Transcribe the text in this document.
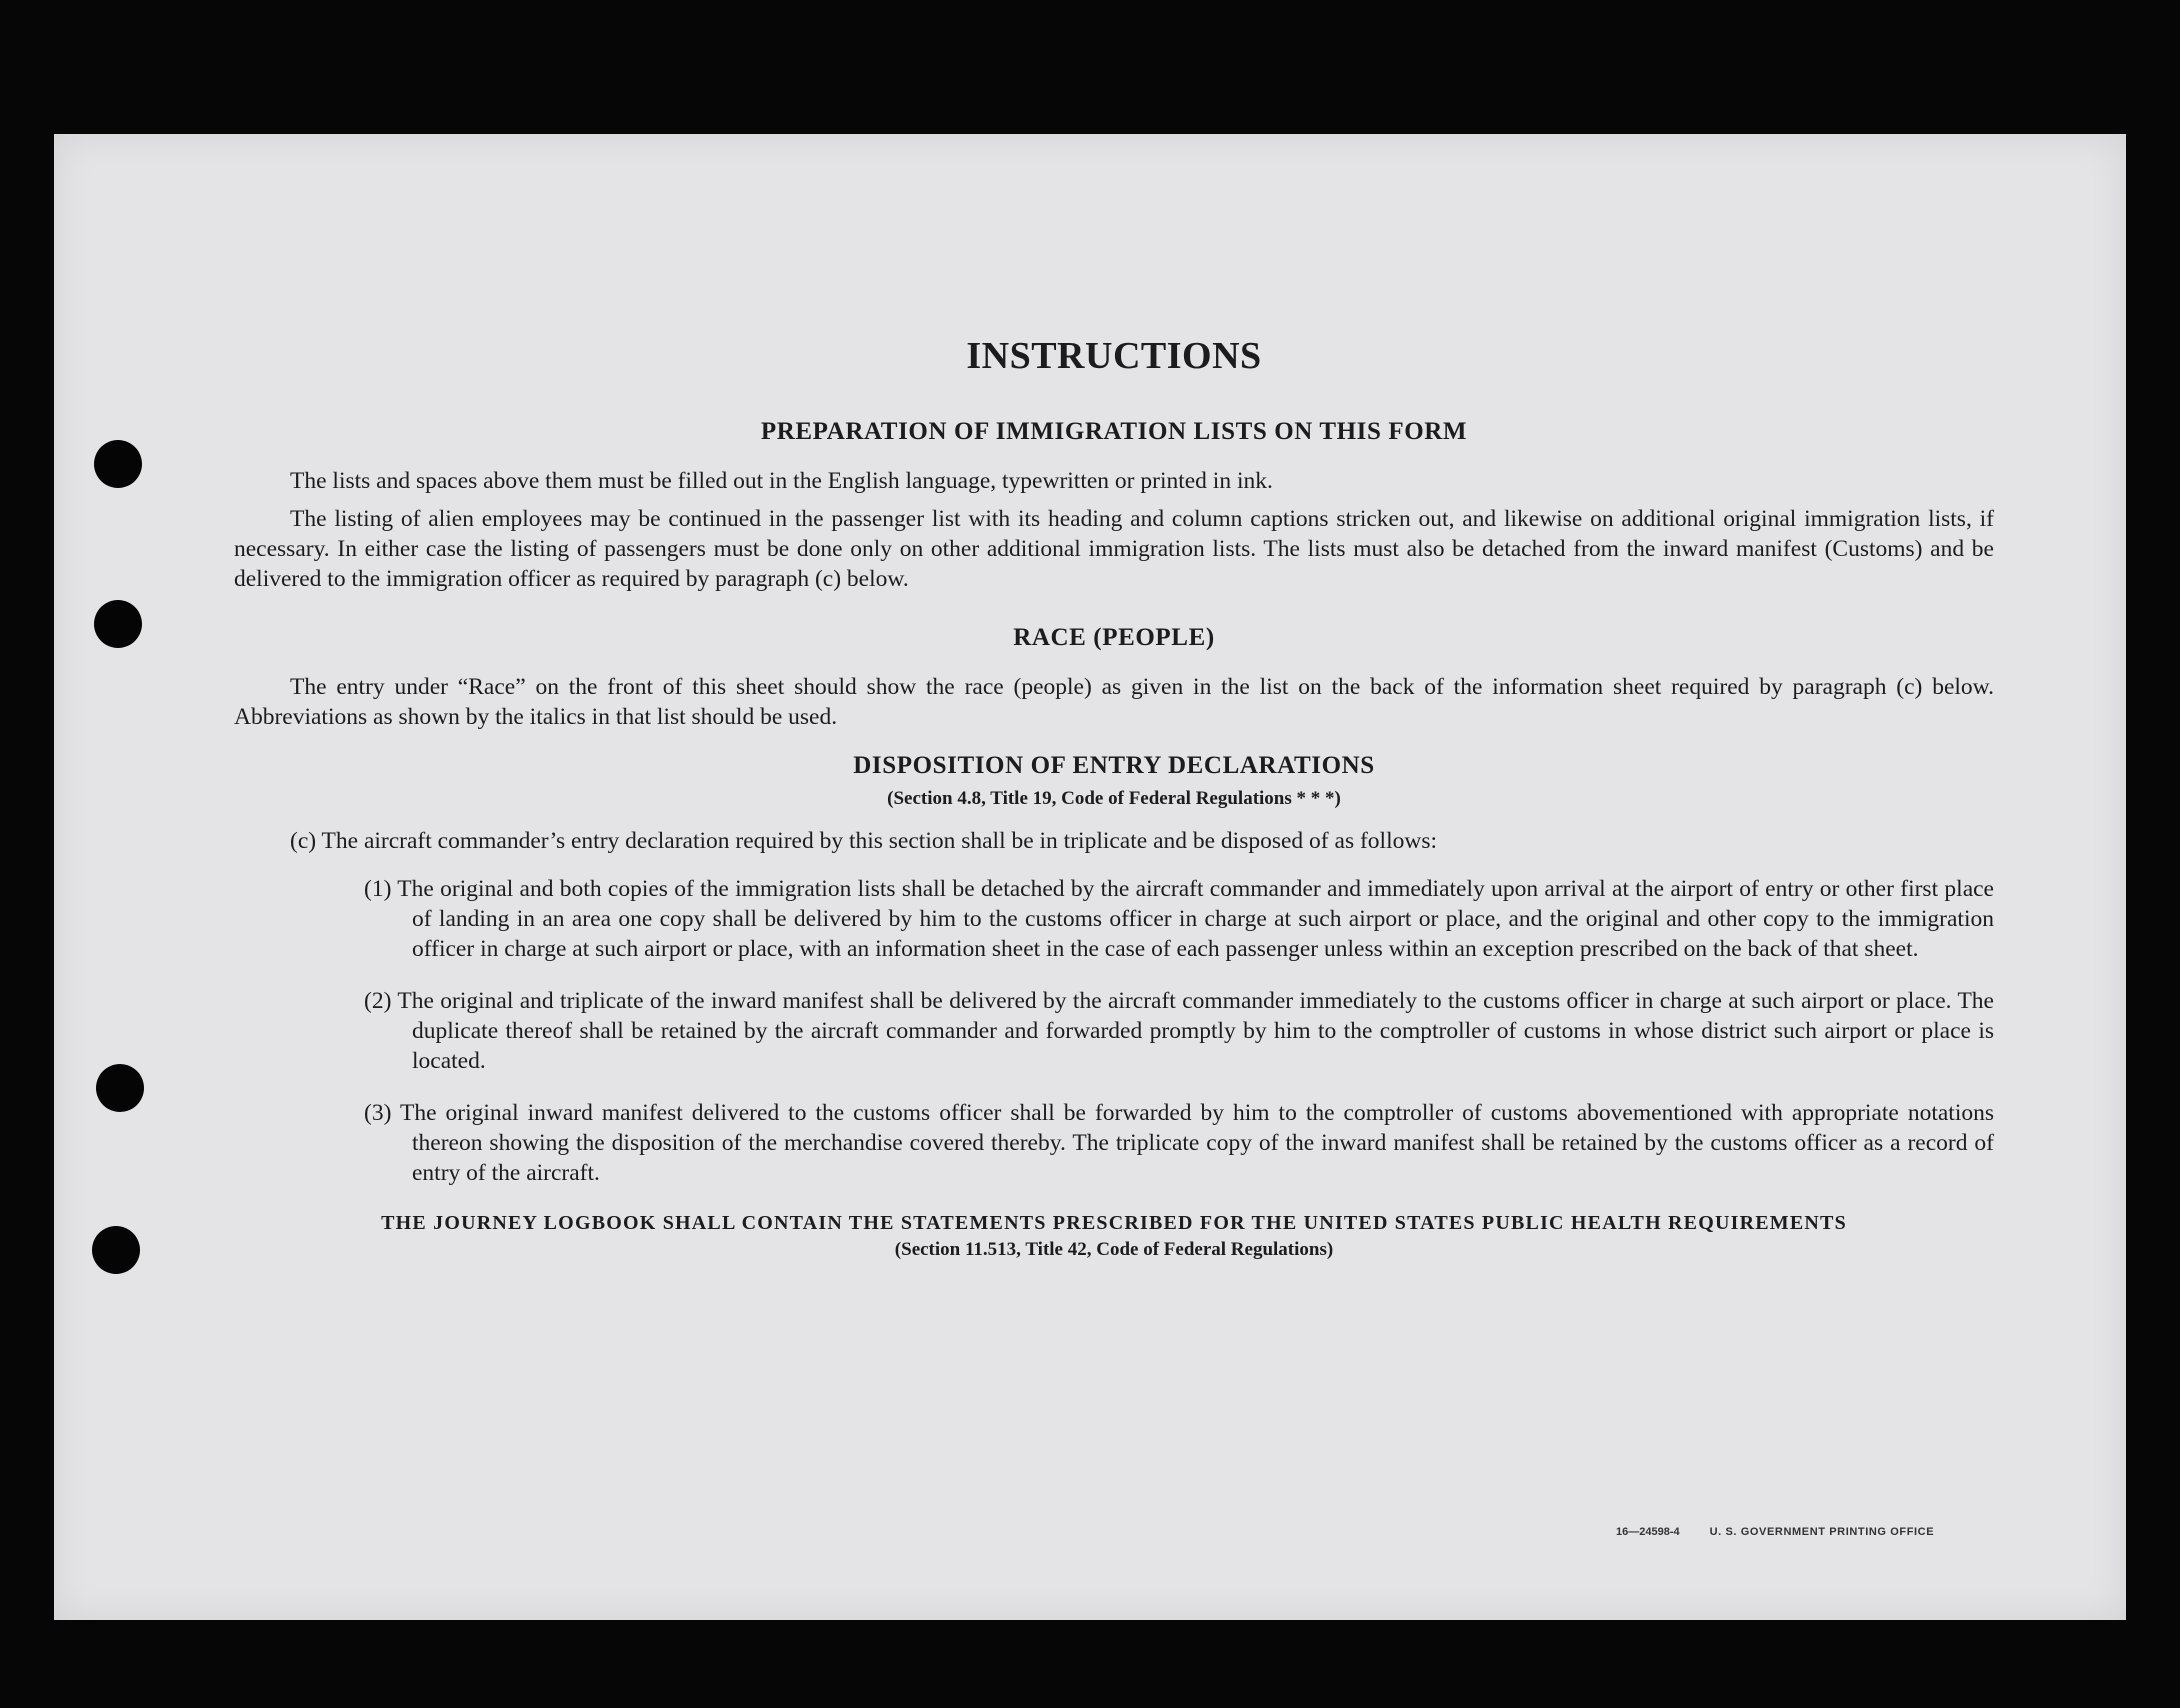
INSTRUCTIONS
PREPARATION OF IMMIGRATION LISTS ON THIS FORM

The lists and spaces above them must be filled out in the English language, typewritten or printed in ink.

The listing of alien employees may be continued in the passenger list with its heading and column captions stricken out, and likewise on additional original immigration lists, if necessary. In either case the listing of passengers must be done only on other additional immigration lists. The lists must also be detached from the inward manifest (Customs) and be delivered to the immigration officer as required by paragraph (c) below.

RACE (PEOPLE)

The entry under “Race” on the front of this sheet should show the race (people) as given in the list on the back of the information sheet required by paragraph (c) below. Abbreviations as shown by the italics in that list should be used.

DISPOSITION OF ENTRY DECLARATIONS
(Section 4.8, Title 19, Code of Federal Regulations * * *)

(c) The aircraft commander’s entry declaration required by this section shall be in triplicate and be disposed of as follows:

(1) The original and both copies of the immigration lists shall be detached by the aircraft commander and immediately upon arrival at the airport of entry or other first place of landing in an area one copy shall be delivered by him to the customs officer in charge at such airport or place, and the original and other copy to the immigration officer in charge at such airport or place, with an information sheet in the case of each passenger unless within an exception prescribed on the back of that sheet.

(2) The original and triplicate of the inward manifest shall be delivered by the aircraft commander immediately to the customs officer in charge at such airport or place. The duplicate thereof shall be retained by the aircraft commander and forwarded promptly by him to the comptroller of customs in whose district such airport or place is located.

(3) The original inward manifest delivered to the customs officer shall be forwarded by him to the comptroller of customs abovementioned with appropriate notations thereon showing the disposition of the merchandise covered thereby. The triplicate copy of the inward manifest shall be retained by the customs officer as a record of entry of the aircraft.

THE JOURNEY LOGBOOK SHALL CONTAIN THE STATEMENTS PRESCRIBED FOR THE UNITED STATES PUBLIC HEALTH REQUIREMENTS
(Section 11.513, Title 42, Code of Federal Regulations)
16—24598-4	U. S. GOVERNMENT PRINTING OFFICE
